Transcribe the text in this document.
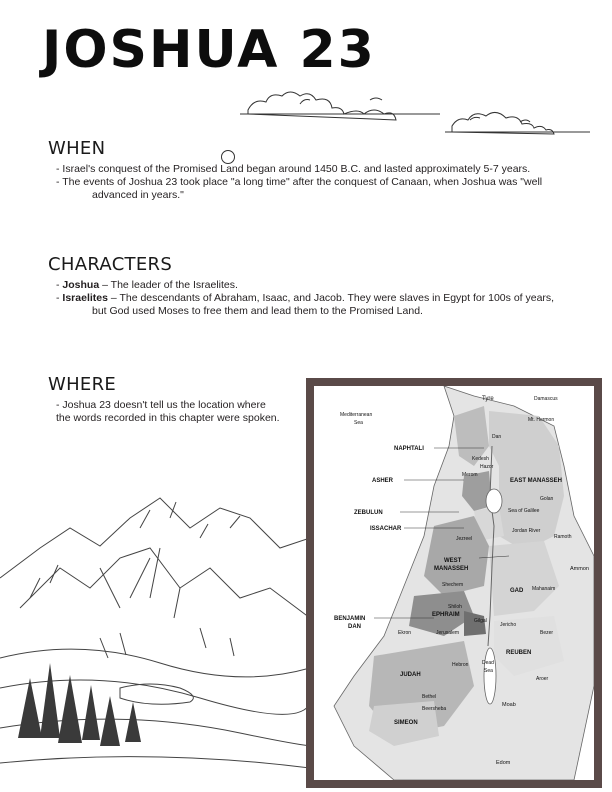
JOSHUA 23
WHEN

- Israel's conquest of the Promised Land began around 1450 B.C. and lasted approximately 5-7 years.

- The events of Joshua 23 took place "a long time" after the conquest of Canaan, when Joshua was "well
advanced in years."

CHARACTERS

- Joshua – The leader of the Israelites.

- Israelites – The descendants of Abraham, Isaac, and Jacob. They were slaves in Egypt for 100s of years,
but God used Moses to free them and lead them to the Promised Land.

WHERE
- Joshua 23 doesn't tell us the location where
the words recorded in this chapter were spoken.
Tyre	Damascus
Mediterranean
Sea	Mt. Hermon
Dan
NAPHTALI
Kedesh
Hazor
Merom
ASHER	EAST MANASSEH
Golan
Sea of Galilee
ZEBULUN
ISSACHAR	Jordan River
Jezreel	Ramoth
WEST
MANASSEH	Ammon
Shechem
GAD Mahanaim
Shiloh
EPHRAIM
BENJAMIN
DAN
Gilgal
Jericho
Ekron	Jerusalem	Bezer
REUBEN
JUDAH
Hebron	Dead
Sea
Aroer
Bethel
Beersheba
Moab
SIMEON
Edom
